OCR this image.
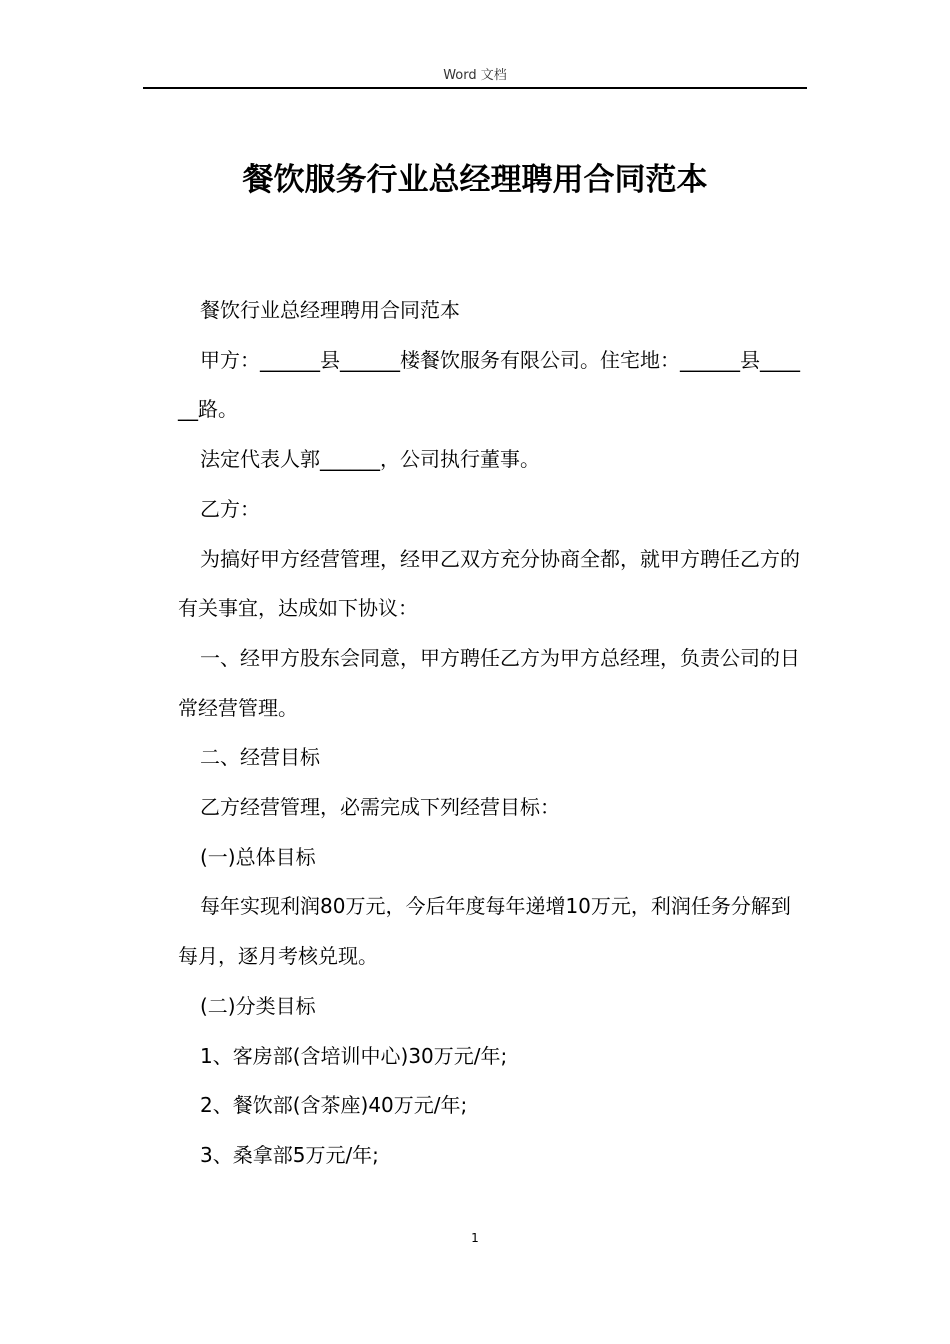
Word 文档
餐饮服务行业总经理聘用合同范本

餐饮行业总经理聘用合同范本

甲方：______县______楼餐饮服务有限公司。住宅地：______县______路。

法定代表人郭______，公司执行董事。

乙方：

为搞好甲方经营管理，经甲乙双方充分协商全都，就甲方聘任乙方的有关事宜，达成如下协议：

一、经甲方股东会同意，甲方聘任乙方为甲方总经理，负责公司的日常经营管理。

二、经营目标

乙方经营管理，必需完成下列经营目标：

(一)总体目标

每年实现利润80万元，今后年度每年递增10万元，利润任务分解到每月，逐月考核兑现。

(二)分类目标

1、客房部(含培训中心)30万元/年;

2、餐饮部(含茶座)40万元/年;

3、桑拿部5万元/年;

1
